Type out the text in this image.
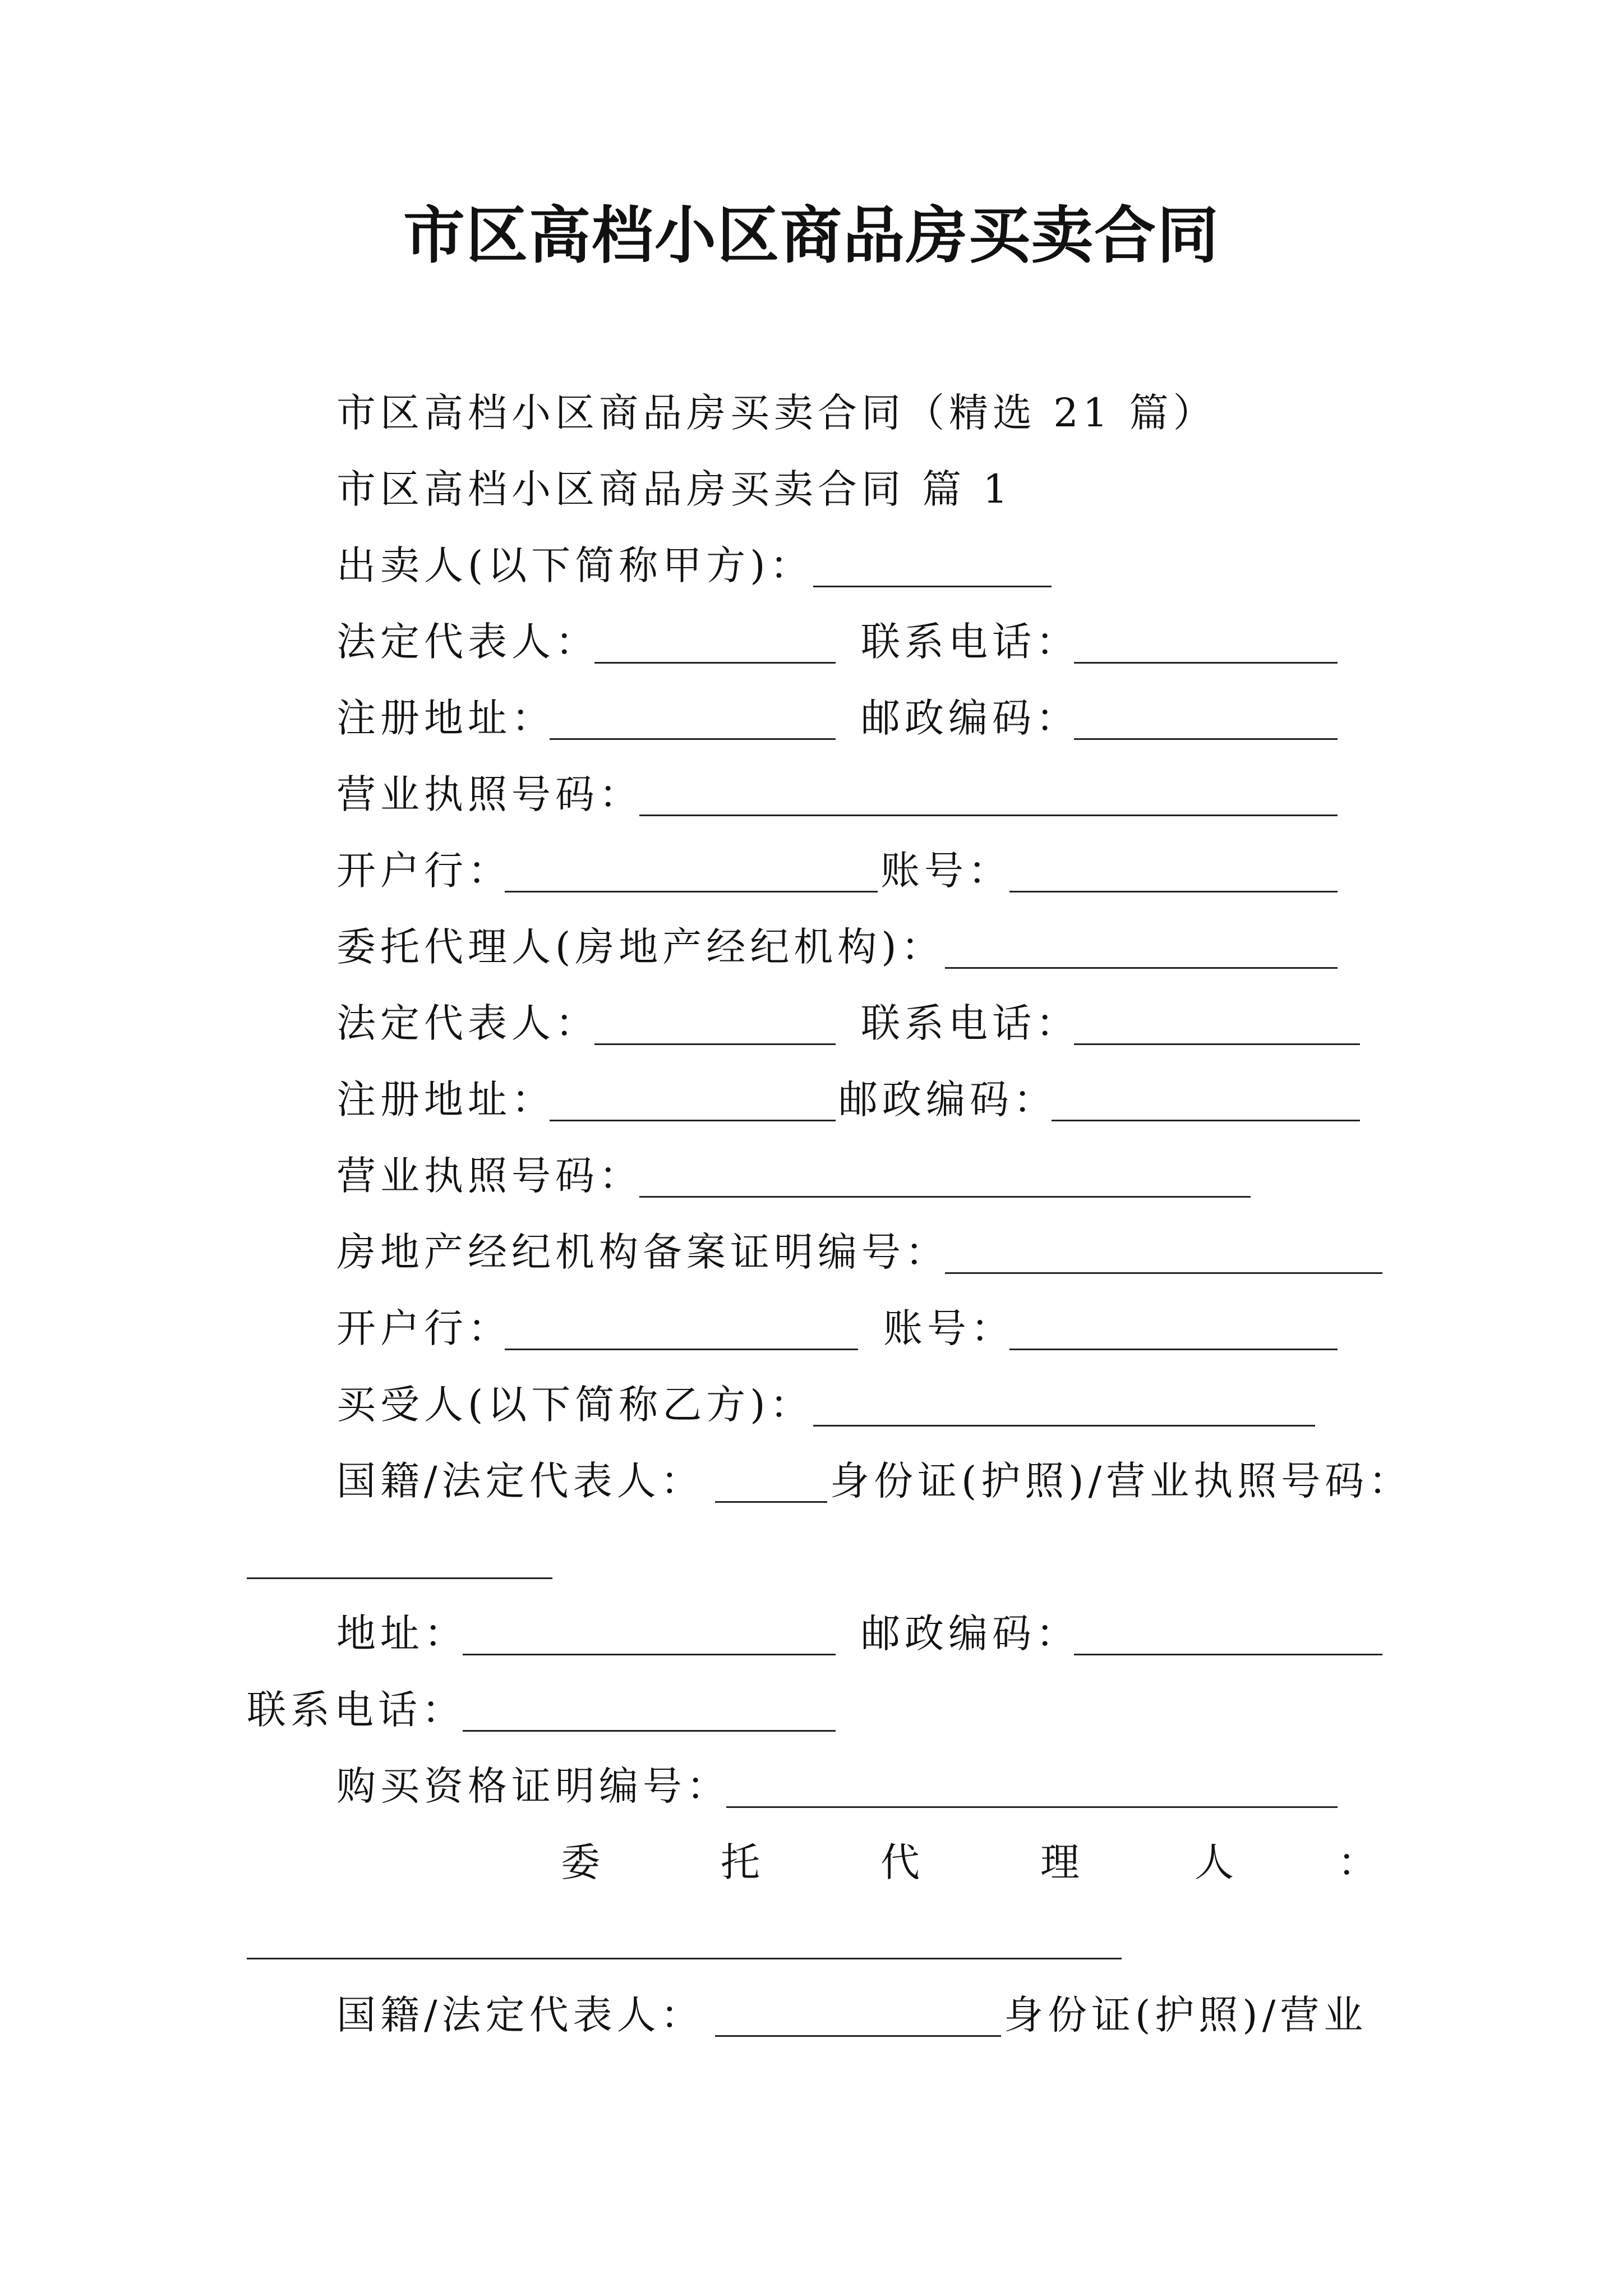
市区高档小区商品房买卖合同
市区高档小区商品房买卖合同（精选 21 篇）
市区高档小区商品房买卖合同 篇 1
出卖人(以下简称甲方)：
法定代表人：	联系电话：
注册地址：	邮政编码：
营业执照号码：
开户行：	账号：
委托代理人(房地产经纪机构)：
法定代表人：	联系电话：
注册地址：	邮政编码：
营业执照号码：
房地产经纪机构备案证明编号：
开户行：	账号：
买受人(以下简称乙方)：
国籍/法定代表人：	身份证(护照)/营业执照号码：
地址：	邮政编码：
联系电话：
购买资格证明编号：
委	托	代	理	人	：
国籍/法定代表人：	身份证(护照)/营业
